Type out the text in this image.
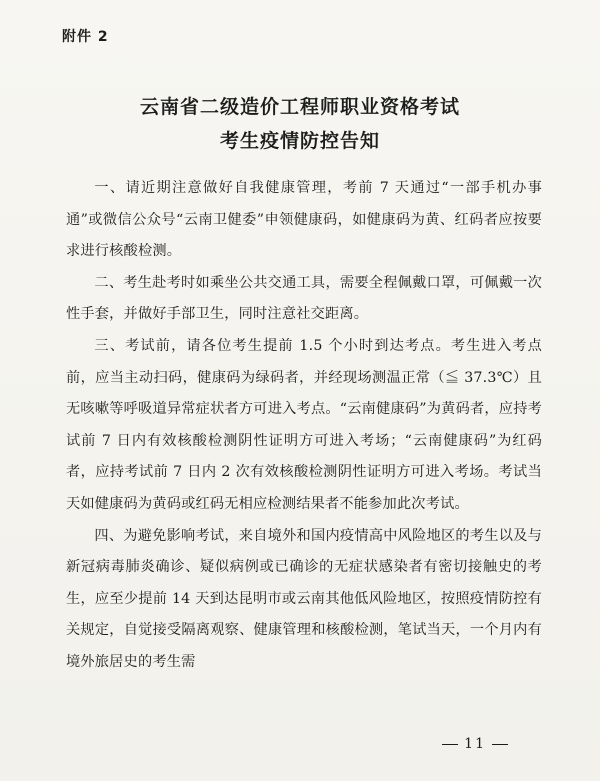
附件 2
云南省二级造价工程师职业资格考试
考生疫情防控告知

一、请近期注意做好自我健康管理，考前 7 天通过“一部手机办事通”或微信公众号“云南卫健委”申领健康码，如健康码为黄、红码者应按要求进行核酸检测。

二、考生赴考时如乘坐公共交通工具，需要全程佩戴口罩，可佩戴一次性手套，并做好手部卫生，同时注意社交距离。

三、考试前，请各位考生提前 1.5 个小时到达考点。考生进入考点前，应当主动扫码，健康码为绿码者，并经现场测温正常（≦ 37.3℃）且无咳嗽等呼吸道异常症状者方可进入考点。“云南健康码”为黄码者，应持考试前 7 日内有效核酸检测阴性证明方可进入考场；“云南健康码”为红码者，应持考试前 7 日内 2 次有效核酸检测阴性证明方可进入考场。考试当天如健康码为黄码或红码无相应检测结果者不能参加此次考试。

四、为避免影响考试，来自境外和国内疫情高中风险地区的考生以及与新冠病毒肺炎确诊、疑似病例或已确诊的无症状感染者有密切接触史的考生，应至少提前 14 天到达昆明市或云南其他低风险地区，按照疫情防控有关规定，自觉接受隔离观察、健康管理和核酸检测，笔试当天，一个月内有境外旅居史的考生需

11
